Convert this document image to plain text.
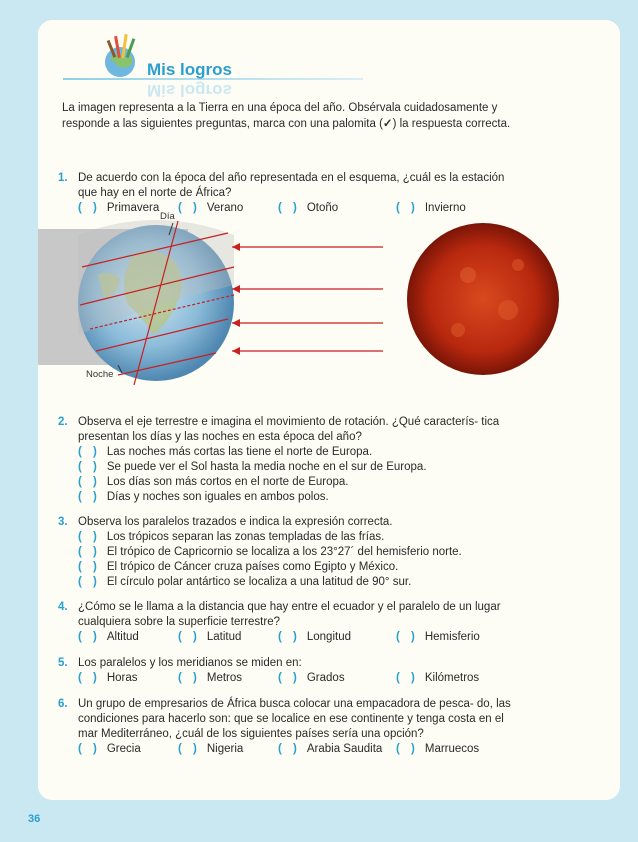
Mis logros
Mis logros
La imagen representa a la Tierra en una época del año. Obsérvala cuidadosamente y responde a las siguientes preguntas, marca con una palomita (✓) la respuesta correcta.
1. De acuerdo con la época del año representada en el esquema, ¿cuál es la estación que hay en el norte de África?
( ) Primavera	( ) Verano	( ) Otoño	( ) Invierno
Día
Noche
2. Observa el eje terrestre e imagina el movimiento de rotación. ¿Qué caracterís- tica presentan los días y las noches en esta época del año?
( ) Las noches más cortas las tiene el norte de Europa.
( ) Se puede ver el Sol hasta la media noche en el sur de Europa.
( ) Los días son más cortos en el norte de Europa.
( ) Días y noches son iguales en ambos polos.
3. Observa los paralelos trazados e indica la expresión correcta.
( ) Los trópicos separan las zonas templadas de las frías.
( ) El trópico de Capricornio se localiza a los 23°27´ del hemisferio norte.
( ) El trópico de Cáncer cruza países como Egipto y México.
( ) El círculo polar antártico se localiza a una latitud de 90° sur.
4. ¿Cómo se le llama a la distancia que hay entre el ecuador y el paralelo de un lugar cualquiera sobre la superficie terrestre?
( ) Altitud	( ) Latitud	( ) Longitud	( ) Hemisferio
5. Los paralelos y los meridianos se miden en:
( ) Horas	( ) Metros	( ) Grados	( ) Kilómetros
6. Un grupo de empresarios de África busca colocar una empacadora de pesca- do, las condiciones para hacerlo son: que se localice en ese continente y tenga costa en el mar Mediterráneo, ¿cuál de los siguientes países sería una opción?
( ) Grecia	( ) Nigeria	( ) Arabia Saudita	( ) Marruecos
36
